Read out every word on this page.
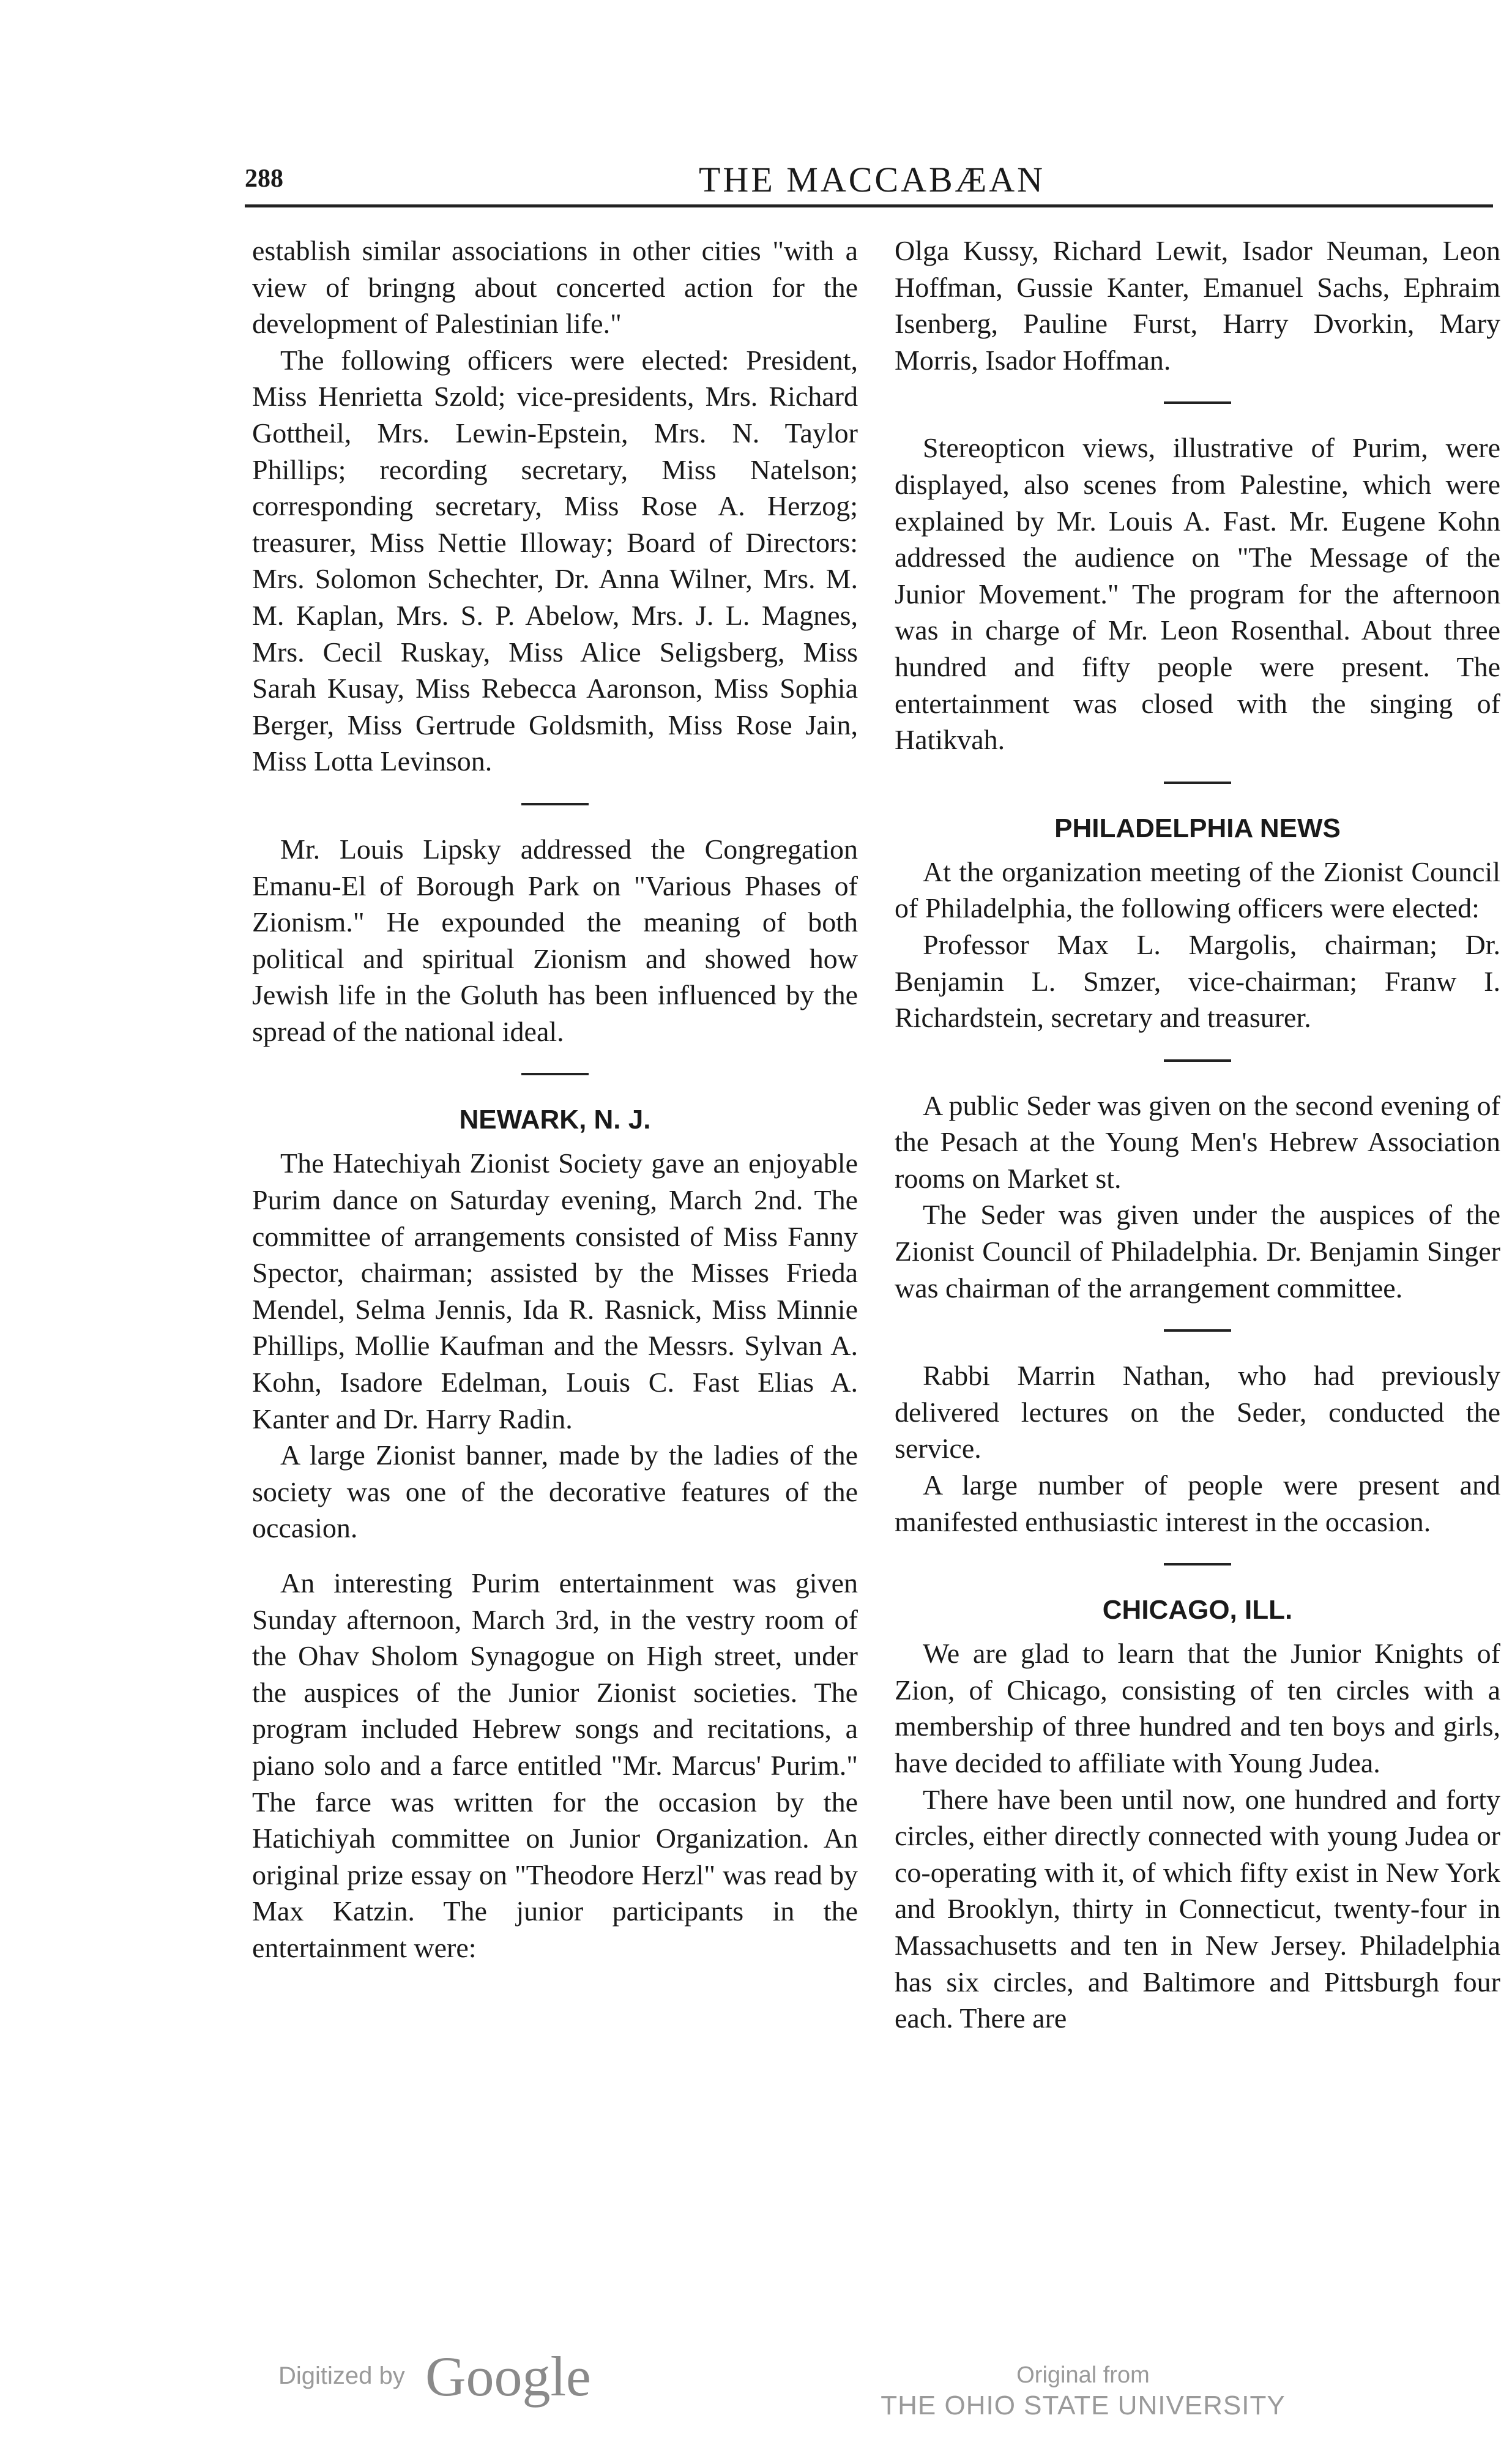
288	THE MACCABÆAN

establish similar associations in other cities "with a view of bringng about concerted action for the development of Palestinian life."

The following officers were elected: President, Miss Henrietta Szold; vice-presidents, Mrs. Richard Gottheil, Mrs. Lewin-Epstein, Mrs. N. Taylor Phillips; recording secretary, Miss Natelson; corresponding secretary, Miss Rose A. Herzog; treasurer, Miss Nettie Illoway; Board of Directors: Mrs. Solomon Schechter, Dr. Anna Wilner, Mrs. M. M. Kaplan, Mrs. S. P. Abelow, Mrs. J. L. Magnes, Mrs. Cecil Ruskay, Miss Alice Seligsberg, Miss Sarah Kusay, Miss Rebecca Aaronson, Miss Sophia Berger, Miss Gertrude Goldsmith, Miss Rose Jain, Miss Lotta Levinson.

Mr. Louis Lipsky addressed the Congregation Emanu-El of Borough Park on "Various Phases of Zionism." He expounded the meaning of both political and spiritual Zionism and showed how Jewish life in the Goluth has been influenced by the spread of the national ideal.

NEWARK, N. J.

The Hatechiyah Zionist Society gave an enjoyable Purim dance on Saturday evening, March 2nd. The committee of arrangements consisted of Miss Fanny Spector, chairman; assisted by the Misses Frieda Mendel, Selma Jennis, Ida R. Rasnick, Miss Minnie Phillips, Mollie Kaufman and the Messrs. Sylvan A. Kohn, Isadore Edelman, Louis C. Fast Elias A. Kanter and Dr. Harry Radin.

A large Zionist banner, made by the ladies of the society was one of the decorative features of the occasion.

An interesting Purim entertainment was given Sunday afternoon, March 3rd, in the vestry room of the Ohav Sholom Synagogue on High street, under the auspices of the Junior Zionist societies. The program included Hebrew songs and recitations, a piano solo and a farce entitled "Mr. Marcus' Purim." The farce was written for the occasion by the Hatichiyah committee on Junior Organization. An original prize essay on "Theodore Herzl" was read by Max Katzin. The junior participants in the entertainment were:

Olga Kussy, Richard Lewit, Isador Neuman, Leon Hoffman, Gussie Kanter, Emanuel Sachs, Ephraim Isenberg, Pauline Furst, Harry Dvorkin, Mary Morris, Isador Hoffman.

Stereopticon views, illustrative of Purim, were displayed, also scenes from Palestine, which were explained by Mr. Louis A. Fast. Mr. Eugene Kohn addressed the audience on "The Message of the Junior Movement." The program for the afternoon was in charge of Mr. Leon Rosenthal. About three hundred and fifty people were present. The entertainment was closed with the singing of Hatikvah.

PHILADELPHIA NEWS

At the organization meeting of the Zionist Council of Philadelphia, the following officers were elected:

Professor Max L. Margolis, chairman; Dr. Benjamin L. Smzer, vice-chairman; Franw I. Richardstein, secretary and treasurer.

A public Seder was given on the second evening of the Pesach at the Young Men's Hebrew Association rooms on Market st.

The Seder was given under the auspices of the Zionist Council of Philadelphia. Dr. Benjamin Singer was chairman of the arrangement committee.

Rabbi Marrin Nathan, who had previously delivered lectures on the Seder, conducted the service.

A large number of people were present and manifested enthusiastic interest in the occasion.

CHICAGO, ILL.

We are glad to learn that the Junior Knights of Zion, of Chicago, consisting of ten circles with a membership of three hundred and ten boys and girls, have decided to affiliate with Young Judea.

There have been until now, one hundred and forty circles, either directly connected with young Judea or co-operating with it, of which fifty exist in New York and Brooklyn, thirty in Connecticut, twenty-four in Massachusetts and ten in New Jersey. Philadelphia has six circles, and Baltimore and Pittsburgh four each. There are

Digitized by Google	Original from
THE OHIO STATE UNIVERSITY
